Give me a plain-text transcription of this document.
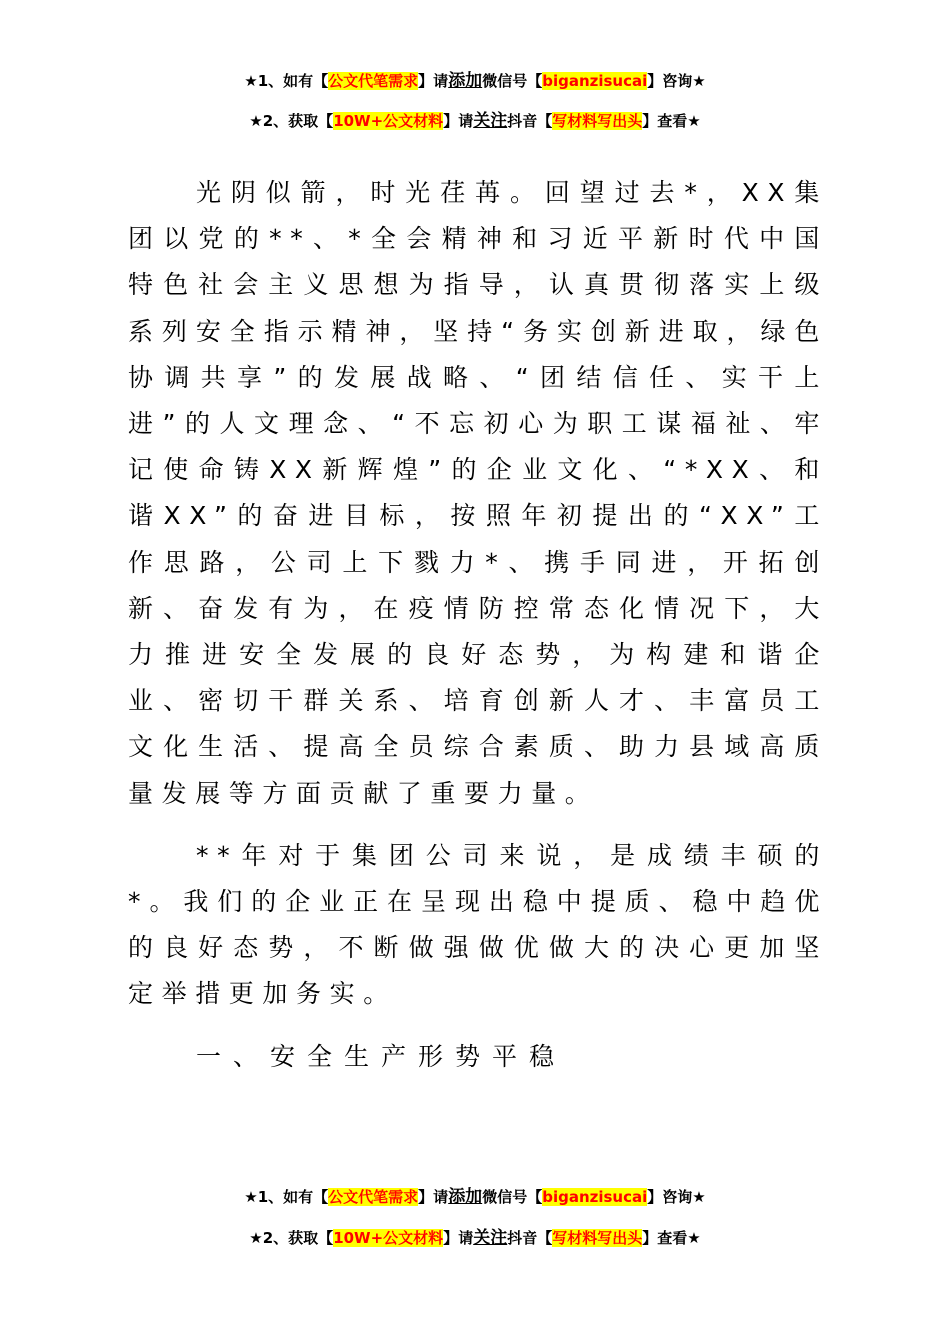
★1、如有【公文代笔需求】请添加微信号【biganzisucai】咨询★
★2、获取【10W+公文材料】请关注抖音【写材料写出头】查看★

光阴似箭，时光荏苒。回望过去*，XX集团以党的**、*全会精神和习近平新时代中国特色社会主义思想为指导，认真贯彻落实上级系列安全指示精神，坚持“务实创新进取，绿色协调共享”的发展战略、“团结信任、实干上进”的人文理念、“不忘初心为职工谋福祉、牢记使命铸XX新辉煌”的企业文化、“*XX、和谐XX”的奋进目标，按照年初提出的“XX”工作思路，公司上下戮力*、携手同进，开拓创新、奋发有为，在疫情防控常态化情况下，大力推进安全发展的良好态势，为构建和谐企业、密切干群关系、培育创新人才、丰富员工文化生活、提高全员综合素质、助力县域高质量发展等方面贡献了重要力量。

**年对于集团公司来说，是成绩丰硕的*。我们的企业正在呈现出稳中提质、稳中趋优的良好态势，不断做强做优做大的决心更加坚定举措更加务实。

一、安全生产形势平稳
★1、如有【公文代笔需求】请添加微信号【biganzisucai】咨询★
★2、获取【10W+公文材料】请关注抖音【写材料写出头】查看★
